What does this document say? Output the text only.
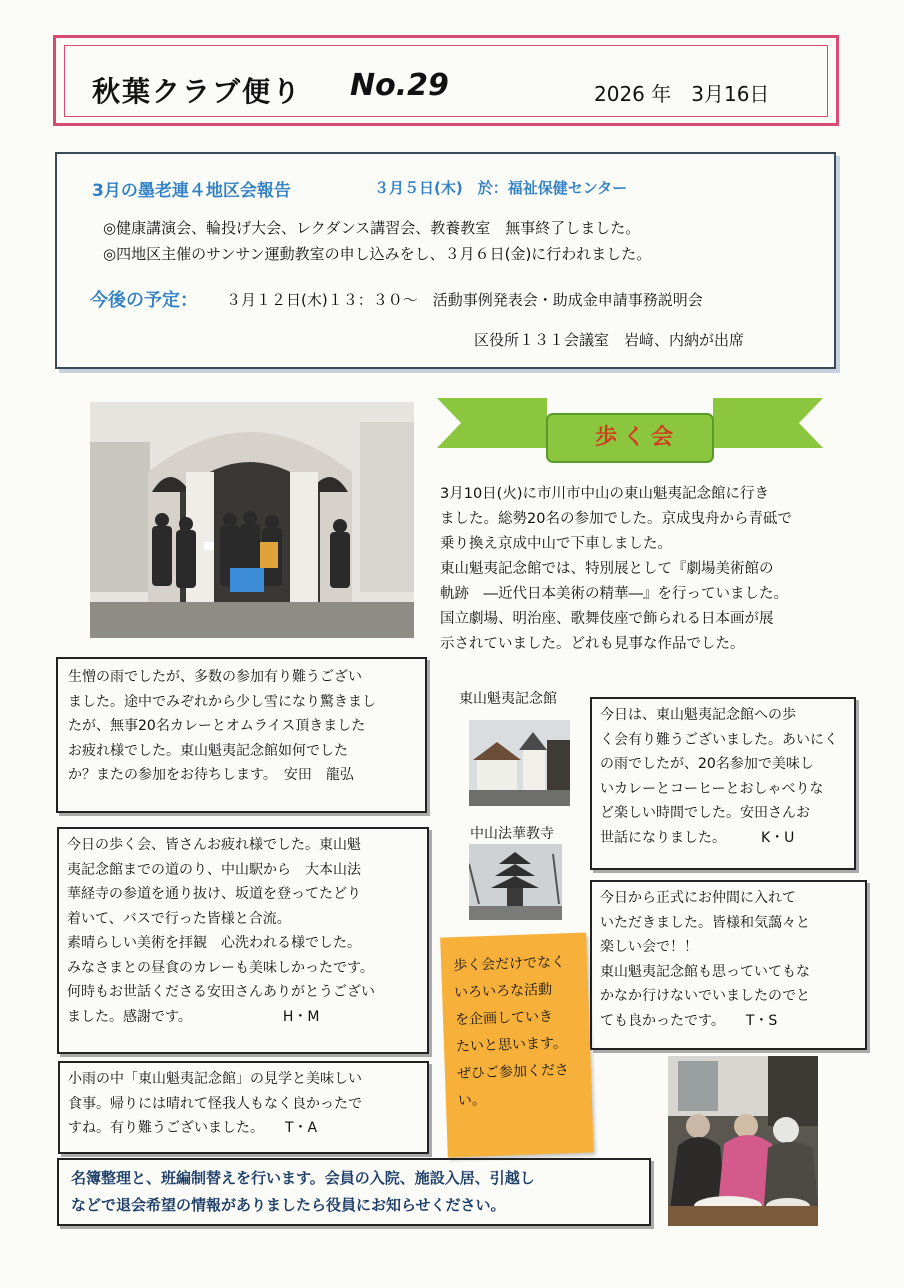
秋葉クラブ便り No.29	2026 年　3月16日
3月の墨老連４地区会報告	３月５日(木)　於：福祉保健センター
◎健康講演会、輪投げ大会、レクダンス講習会、教養教室　無事終了しました。
◎四地区主催のサンサン運動教室の申し込みをし、３月６日(金)に行われました。
今後の予定： ３月１２日(木)１３：３０～　活動事例発表会・助成金申請事務説明会
区役所１３１会議室　岩﨑、内納が出席
歩く会
3月10日(火)に市川市中山の東山魁夷記念館に行き
ました。総勢20名の参加でした。京成曳舟から青砥で
乗り換え京成中山で下車しました。
東山魁夷記念館では、特別展として『劇場美術館の
軌跡　―近代日本美術の精華―』を行っていました。
国立劇場、明治座、歌舞伎座で飾られる日本画が展
示されていました。どれも見事な作品でした。
東山魁夷記念館
中山法華教寺
生憎の雨でしたが、多数の参加有り難うござい
ました。途中でみぞれから少し雪になり驚きまし
たが、無事20名カレーとオムライス頂きました
お疲れ様でした。東山魁夷記念館如何でした
か？またの参加をお待ちします。　安田　龍弘
今日の歩く会、皆さんお疲れ様でした。東山魁
夷記念館までの道のり、中山駅から　大本山法
華経寺の参道を通り抜け、坂道を登ってたどり
着いて、バスで行った皆様と合流。
素晴らしい美術を拝観　心洗われる様でした。
みなさまとの昼食のカレーも美味しかったです。
何時もお世話くださる安田さんありがとうござい
ました。感謝です。　　　　　　　H・M
小雨の中「東山魁夷記念館」の見学と美味しい
食事。帰りには晴れて怪我人もなく良かったで
すね。有り難うございました。　　T・A
今日は、東山魁夷記念館への歩
く会有り難うございました。あいにく
の雨でしたが、20名参加で美味し
いカレーとコーヒーとおしゃべりな
ど楽しい時間でした。安田さんお
世話になりました。　　　K・U
今日から正式にお仲間に入れて
いただきました。皆様和気藹々と
楽しい会で！！
東山魁夷記念館も思っていてもな
かなか行けないでいましたのでと
ても良かったです。　　T・S
歩く会だけでなく
いろいろな活動
を企画していき
たいと思います。
ぜひご参加くださ
い。
名簿整理と、班編制替えを行います。会員の入院、施設入居、引越し
などで退会希望の情報がありましたら役員にお知らせください。
